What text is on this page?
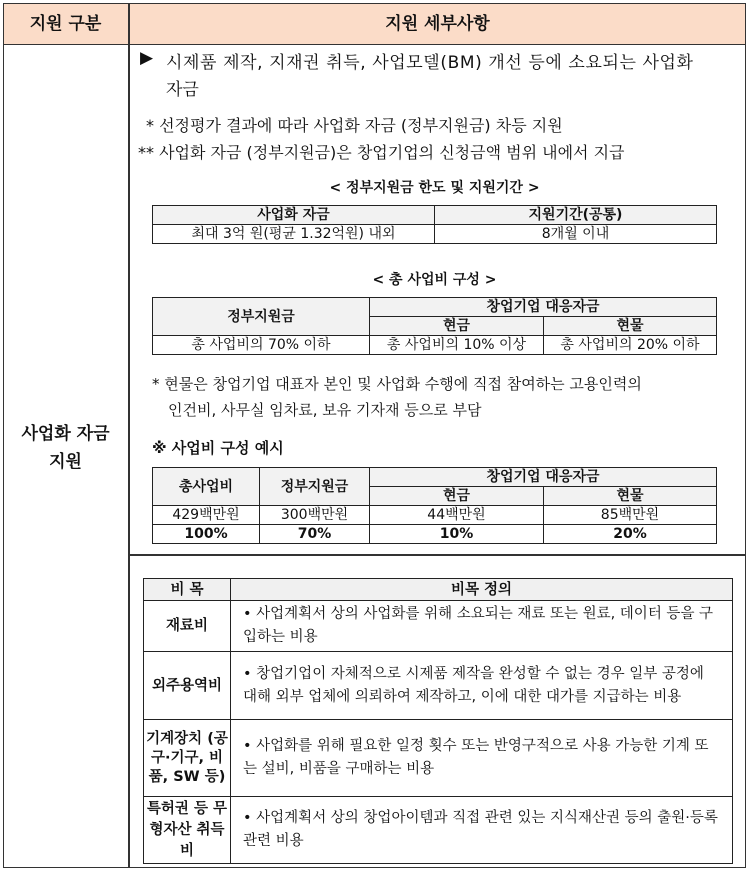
지원 구분	지원 세부사항
사업화 자금
지원
▶ 시제품 제작, 지재권 취득, 사업모델(BM) 개선 등에 소요되는 사업화
자금
* 선정평가 결과에 따라 사업화 자금 (정부지원금) 차등 지원
** 사업화 자금 (정부지원금)은 창업기업의 신청금액 범위 내에서 지급
< 정부지원금 한도 및 지원기간 >
사업화 자금	지원기간(공통)
최대 3억 원(평균 1.32억원) 내외	8개월 이내
< 총 사업비 구성 >
정부지원금	창업기업 대응자금	
	현금	현물
총 사업비의 70% 이하	총 사업비의 10% 이상	총 사업비의 20% 이하
* 현물은 창업기업 대표자 본인 및 사업화 수행에 직접 참여하는 고용인력의
인건비, 사무실 임차료, 보유 기자재 등으로 부담
※ 사업비 구성 예시
총사업비	정부지원금	창업기업 대응자금	
		현금	현물
429백만원	300백만원	44백만원	85백만원
100%	70%	10%	20%
비 목	비목 정의
재료비	• 사업계획서 상의 사업화를 위해 소요되는 재료 또는 원료, 데이터 등을 구입하는 비용
외주용역비	• 창업기업이 자체적으로 시제품 제작을 완성할 수 없는 경우 일부 공정에 대해 외부 업체에 의뢰하여 제작하고, 이에 대한 대가를 지급하는 비용
기계장치 (공구·기구, 비품, SW 등)	• 사업화를 위해 필요한 일정 횟수 또는 반영구적으로 사용 가능한 기계 또는 설비, 비품을 구매하는 비용
특허권 등 무형자산 취득비	• 사업계획서 상의 창업아이템과 직접 관련 있는 지식재산권 등의 출원·등록관련 비용
